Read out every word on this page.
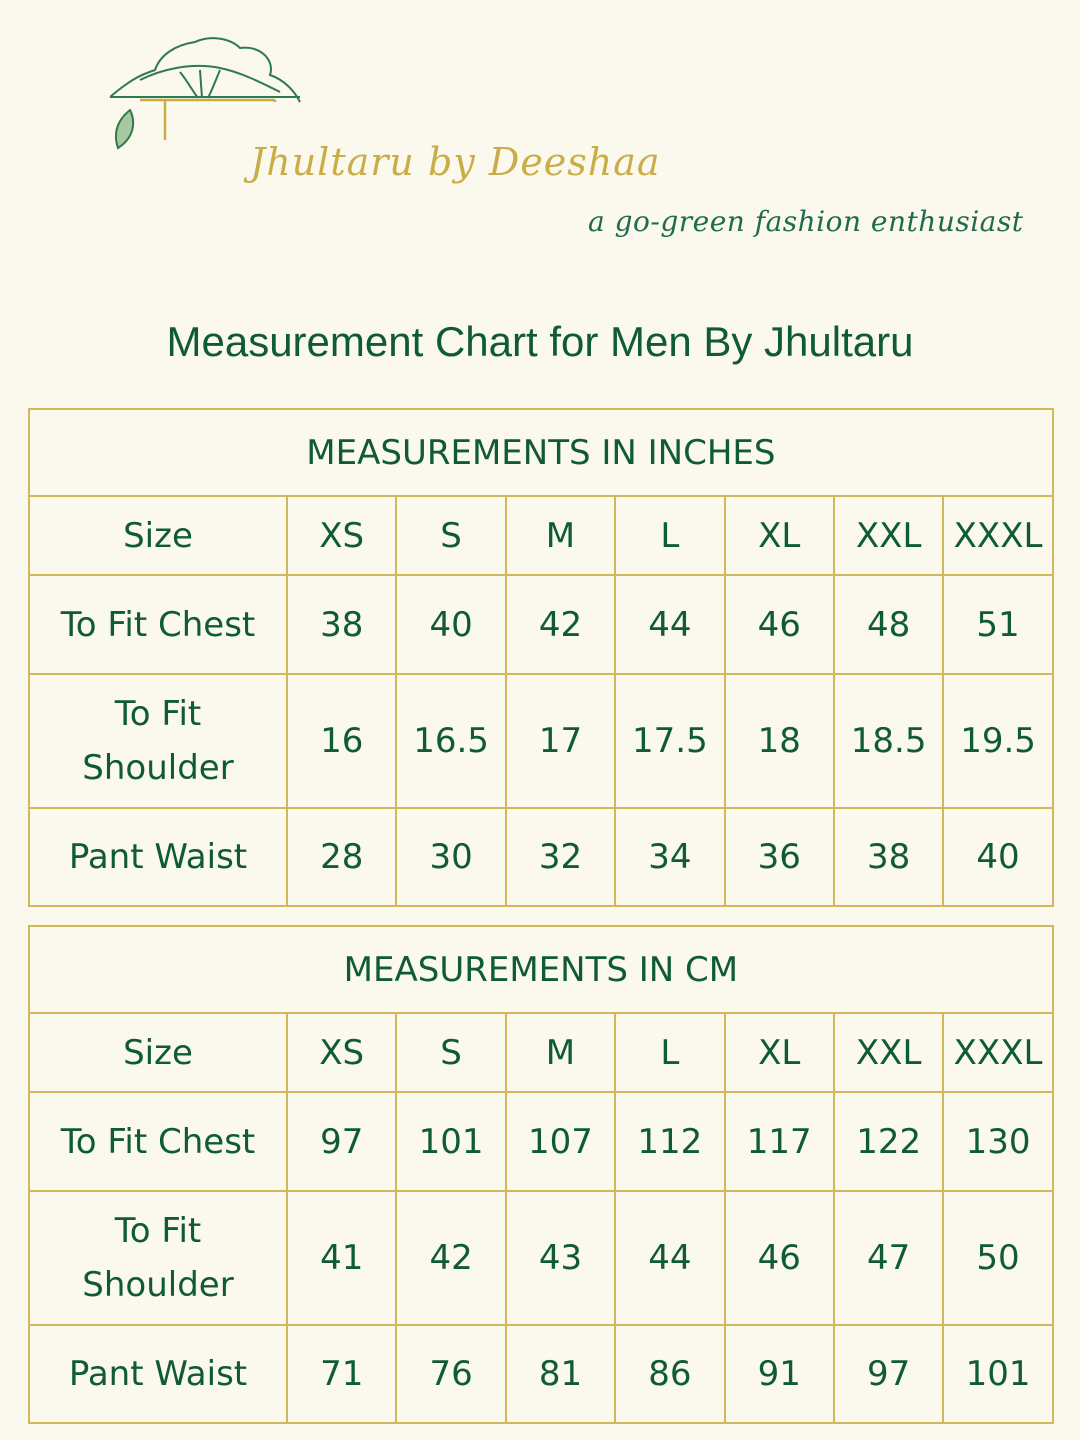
Jhultaru by Deeshaa
a go-green fashion enthusiast
Measurement Chart for Men By Jhultaru
MEASUREMENTS IN INCHES							
Size	XS	S	M	L	XL	XXL	XXXL
To Fit Chest	38	40	42	44	46	48	51
To Fit
Shoulder	16	16.5	17	17.5	18	18.5	19.5
Pant Waist	28	30	32	34	36	38	40
MEASUREMENTS IN CM							
Size	XS	S	M	L	XL	XXL	XXXL
To Fit Chest	97	101	107	112	117	122	130
To Fit
Shoulder	41	42	43	44	46	47	50
Pant Waist	71	76	81	86	91	97	101
